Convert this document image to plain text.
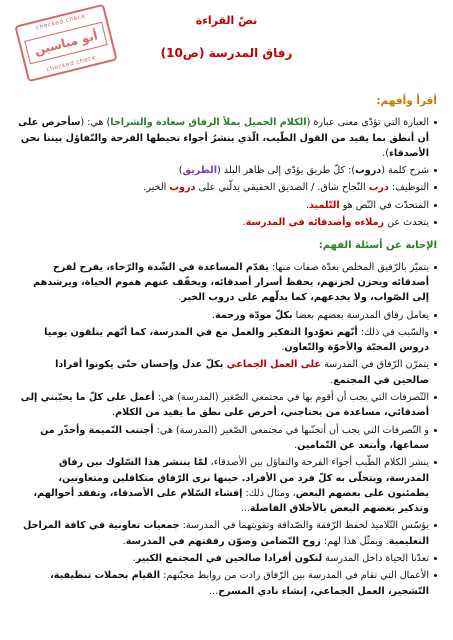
نصّ القراءة
رفاق المدرسة (ص10)
checked check
أبو مياسين
checked check
أقرأ وأفهم:
العبارة التي تؤدّي معنى عبارة (الكلام الجميل يملأ الرفاق سعادة والشراحا) هي: (سأحرص على أن أنطق بما يفيد من القول الطّيب، الّذي ينشرُ أجواء تحيطها الفرحة والتّفاؤل بيننا نحن الأصدقاء).
شرح كلمة (دروب): كلّ طريق يؤدّي إلى ظاهر البلد (الطريق)
التوظيف: درب النّجاح شاق. / الصديق الحقيقي يدلّني على دروب الخير.
المتحدّث في النّص هو التّلميذ.
يتحدث عن زملاءه وأصدقائه في المدرسة.
الإجابة عن أسئلة الفهم:
يتميّز بالرّفيق المخلص بعدّة صفات منها: يقدّم المساعدة في الشّدة والرّخاء، يفرح لفرح أصدقائه ويحزن لحزنهم، يحفظ أسرار أصدقائه، ويخفّف عنهم هموم الحياة، ويرشدهم إلى الصّواب، ولا يخدعهم، كما يدلّهم على دروب الخير.
يعامل رفاق المدرسة بعضهم بعضا بكلّ مودّة ورحمة.
والسّبب في ذلك: أنّهم تعوّدوا التفكير والعمل مع في المدرسة، كما أنّهم يتلقون يوميا دروس المحبّة والأخوّة والتّعاون.
يتمرّن الرّفاق في المدرسة على العمل الجماعي بكلّ عدل وإحسان حتّى يكونوا أفرادا صالحين في المجتمع.
التّصرفات التي يجب أن أقوم بها في مجتمعي الصّغير (المدرسة) هي: أعمل على كلّ ما يحبّبني إلى أصدقائي، مساعدة من يحتاجني، أحرص على نطق ما يفيد من الكلام.
و التّصرفات التي يجب أن أتجنّبها في مجتمعي الصّغير (المدرسة) هي: أجتنب النّميمة وأحذّر من سماعها، وأبتعد عن التّمامين.
ينشر الكلام الطّيب أجواء الفرحة والتفاؤل بين الأصدقاء، لمّا ينتشر هذا السّلوك بين رفاق المدرسة، ويتحلّى به كلّ فرد من الأفراد. حينها نرى الرّفاق متكافلين ومتعاونين، يطمئنون على بعضهم البعض، ومثال ذلك: إفشاء السّلام على الأصدقاء، وتفقد أحوالهم، وتذكير بعضهم البعض بالأخلاق الفاضلة...
يؤسّس التّلاميذ لحفظ الرّفقة والصّداقة وتقويتهما في المدرسة: جمعيات تعاونية في كافة المراحل التعليمية. ويمثّل هذا لهم: روح التّضامن وصوّن رفقتهم في المدرسة.
تعدّنا الحياة داخل المدرسة لنكون أفرادا صالحين في المجتمع الكبير.
الأعمال التي تقام في المدرسة بين الرّفاق زادت من روابط محبّتهم: القيام بحملات تنظيفية، التّشجير، العمل الجماعي، إنشاء نادي المسرح...
